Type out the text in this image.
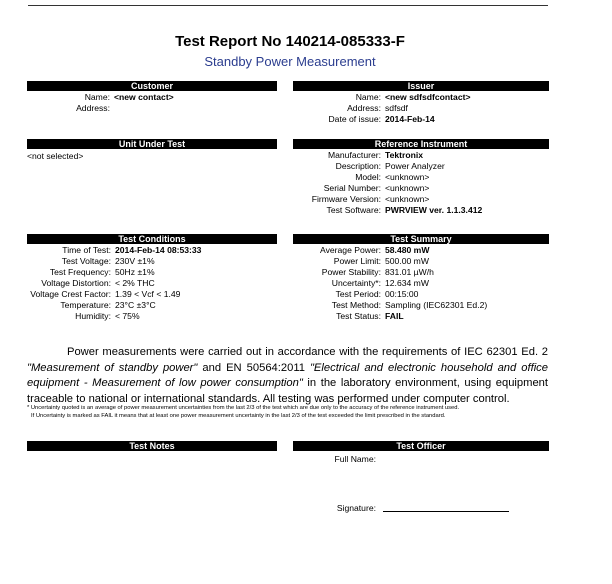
Test Report No 140214-085333-F
Standby Power Measurement
Customer
Name: <new contact>
Address:
Issuer
Name: <new sdfsdfcontact>
Address: sdfsdf
Date of issue: 2014-Feb-14
Unit Under Test
<not selected>
Reference Instrument
Manufacturer: Tektronix
Description: Power Analyzer
Model: <unknown>
Serial Number: <unknown>
Firmware Version: <unknown>
Test Software: PWRVIEW ver. 1.1.3.412
Test Conditions
Time of Test: 2014-Feb-14 08:53:33
Test Voltage: 230V ±1%
Test Frequency: 50Hz ±1%
Voltage Distortion: < 2% THC
Voltage Crest Factor: 1.39 < Vcf < 1.49
Temperature: 23°C ±3°C
Humidity: < 75%
Test Summary
Average Power: 58.480 mW
Power Limit: 500.00 mW
Power Stability: 831.01 µW/h
Uncertainty*: 12.634 mW
Test Period: 00:15:00
Test Method: Sampling (IEC62301 Ed.2)
Test Status: FAIL
Power measurements were carried out in accordance with the requirements of IEC 62301 Ed. 2 "Measurement of standby power" and EN 50564:2011 "Electrical and electronic household and office equipment - Measurement of low power consumption" in the laboratory environment, using equipment traceable to national or international standards. All testing was performed under computer control.
* Uncertainty quoted is an average of power measurement uncertainties from the last 2/3 of the test which are due only to the accuracy of the reference instrument used.
If Uncertainty is marked as FAIL it means that at least one power measurement uncertainty in the last 2/3 of the test exceeded the limit prescribed in the standard.
Test Notes	Test Officer
Full Name:
Signature:
